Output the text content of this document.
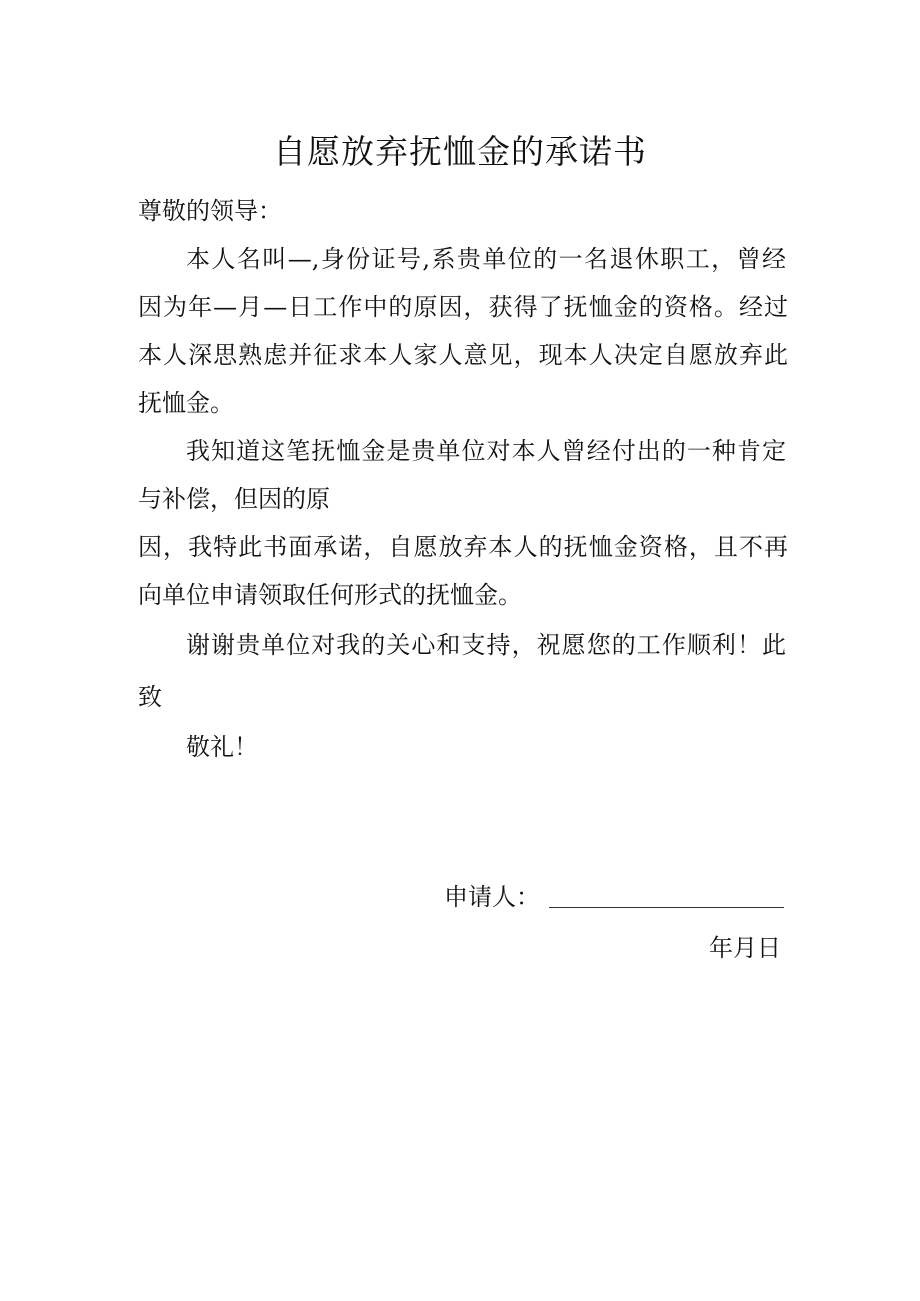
自愿放弃抚恤金的承诺书

尊敬的领导：

本人名叫—,身份证号,系贵单位的一名退休职工，曾经

因为年—月—日工作中的原因，获得了抚恤金的资格。经过

本人深思熟虑并征求本人家人意见，现本人决定自愿放弃此

抚恤金。

我知道这笔抚恤金是贵单位对本人曾经付出的一种肯定

与补偿，但因的原

因，我特此书面承诺，自愿放弃本人的抚恤金资格，且不再

向单位申请领取任何形式的抚恤金。

谢谢贵单位对我的关心和支持，祝愿您的工作顺利！此

致

敬礼！

申请人：
年月日
